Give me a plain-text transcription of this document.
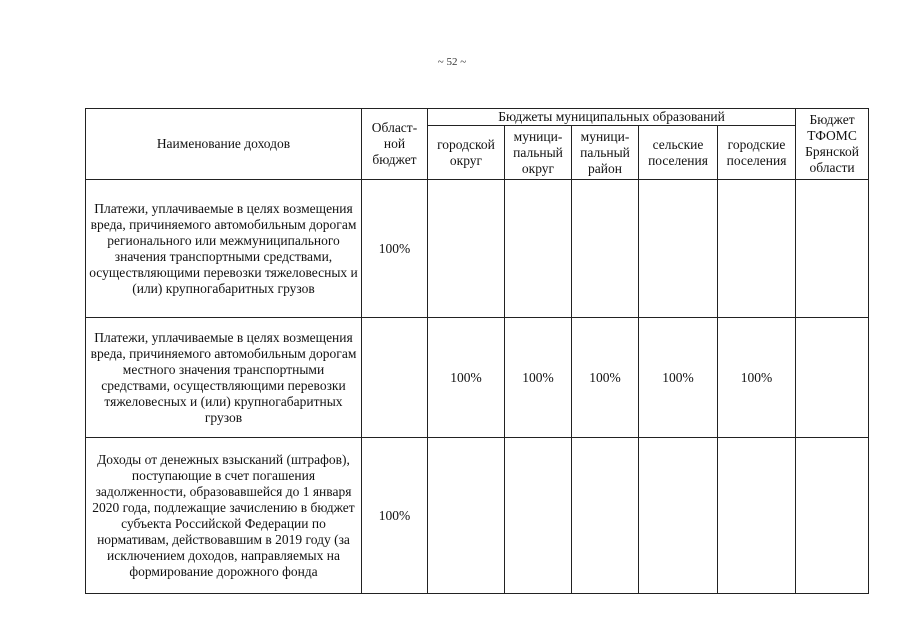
~ 52 ~
Наименование доходов	Област-ной бюджет	Бюджеты муниципальных образований					Бюджет ТФОМС Брянской области
		городской округ	муници-пальный округ	муници-пальный район	сельские поселения	городские поселения	
Платежи, уплачиваемые в целях возмещения вреда, причиняемого автомобильным дорогам регионального или межмуниципального значения транспортными средствами, осуществляющими перевозки тяжеловесных и (или) крупногабаритных грузов	100%						
Платежи, уплачиваемые в целях возмещения вреда, причиняемого автомобильным дорогам местного значения транспортными средствами, осуществляющими перевозки тяжеловесных и (или) крупногабаритных грузов		100%	100%	100%	100%	100%	
Доходы от денежных взысканий (штрафов), поступающие в счет погашения задолженности, образовавшейся до 1 января 2020 года, подлежащие зачислению в бюджет субъекта Российской Федерации по нормативам, действовавшим в 2019 году (за исключением доходов, направляемых на формирование дорожного фонда	100%						
